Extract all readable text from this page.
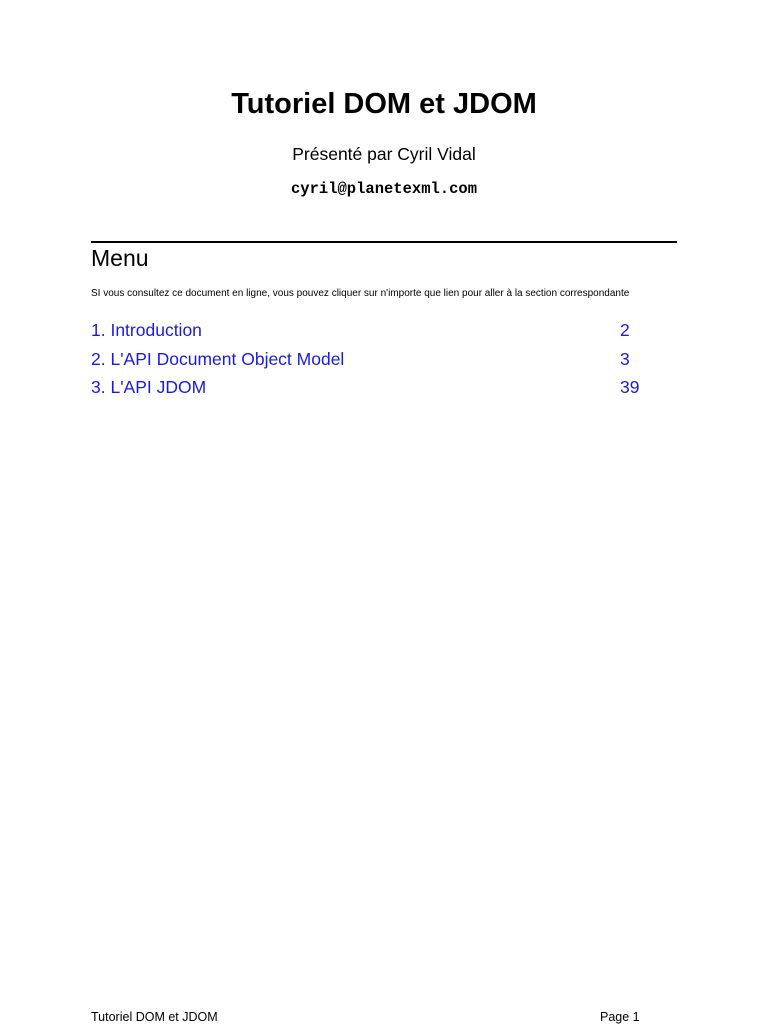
Tutoriel DOM et JDOM
Présenté par Cyril Vidal
cyril@planetexml.com
Menu
SI vous consultez ce document en ligne, vous pouvez cliquer sur n'importe que lien pour aller à la section correspondante
1. Introduction	2
2. L'API Document Object Model	3
3. L'API JDOM	39
Tutoriel DOM et JDOM	Page 1
